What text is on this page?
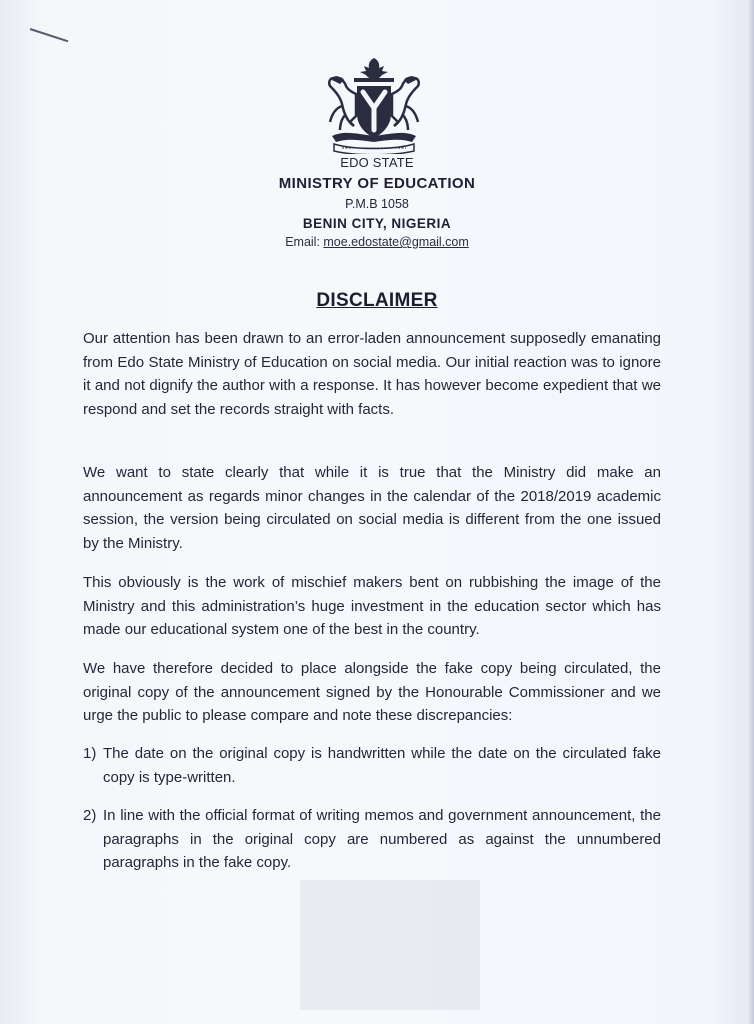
EDO STATE

MINISTRY OF EDUCATION

P.M.B 1058

BENIN CITY, NIGERIA

Email: moe.edostate@gmail.com

DISCLAIMER

Our attention has been drawn to an error-laden announcement supposedly emanating from Edo State Ministry of Education on social media. Our initial reaction was to ignore it and not dignify the author with a response. It has however become expedient that we respond and set the records straight with facts.

We want to state clearly that while it is true that the Ministry did make an announcement as regards minor changes in the calendar of the 2018/2019 academic session, the version being circulated on social media is different from the one issued by the Ministry.

This obviously is the work of mischief makers bent on rubbishing the image of the Ministry and this administration’s huge investment in the education sector which has made our educational system one of the best in the country.

We have therefore decided to place alongside the fake copy being circulated, the original copy of the announcement signed by the Honourable Commissioner and we urge the public to please compare and note these discrepancies:

1) The date on the original copy is handwritten while the date on the circulated fake copy is type-written.
2) In line with the official format of writing memos and government announcement, the paragraphs in the original copy are numbered as against the unnumbered paragraphs in the fake copy.
